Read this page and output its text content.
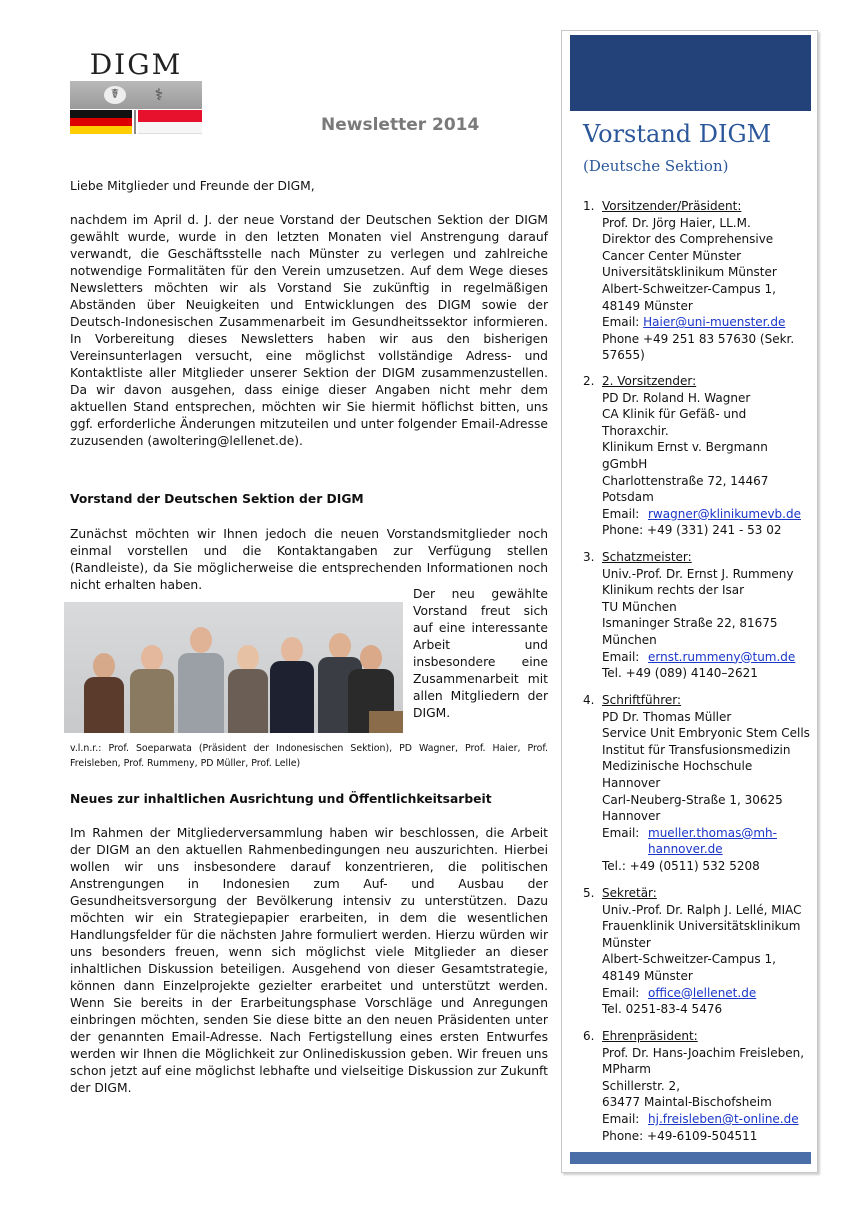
DIGM
☤	⚕
Newsletter 2014

Liebe Mitglieder und Freunde der DIGM,

nachdem im April d. J. der neue Vorstand der Deutschen Sektion der DIGM gewählt wurde, wurde in den letzten Monaten viel Anstrengung darauf verwandt, die Geschäftsstelle nach Münster zu verlegen und zahlreiche notwendige Formalitäten für den Verein umzusetzen. Auf dem Wege dieses Newsletters möchten wir als Vorstand Sie zukünftig in regelmäßigen Abständen über Neuigkeiten und Entwicklungen des DIGM sowie der Deutsch-Indonesischen Zusammenarbeit im Gesundheitssektor informieren. In Vorbereitung dieses Newsletters haben wir aus den bisherigen Vereinsunterlagen versucht, eine möglichst vollständige Adress- und Kontaktliste aller Mitglieder unserer Sektion der DIGM zusammenzustellen. Da wir davon ausgehen, dass einige dieser Angaben nicht mehr dem aktuellen Stand entsprechen, möchten wir Sie hiermit höflichst bitten, uns ggf. erforderliche Änderungen mitzuteilen und unter folgender Email-Adresse zuzusenden (awoltering@lellenet.de).

Vorstand der Deutschen Sektion der DIGM

Zunächst möchten wir Ihnen jedoch die neuen Vorstandsmitglieder noch einmal vorstellen und die Kontaktangaben zur Verfügung stellen (Randleiste), da Sie möglicherweise die entsprechenden Informationen noch nicht erhalten haben.

Der neu gewählte Vorstand freut sich auf eine interessante Arbeit und insbesondere eine Zusammenarbeit mit allen Mitgliedern der DIGM.

v.l.n.r.: Prof. Soeparwata (Präsident der Indonesischen Sektion), PD Wagner, Prof. Haier, Prof. Freisleben, Prof. Rummeny, PD Müller, Prof. Lelle)

Neues zur inhaltlichen Ausrichtung und Öffentlichkeitsarbeit

Im Rahmen der Mitgliederversammlung haben wir beschlossen, die Arbeit der DIGM an den aktuellen Rahmenbedingungen neu auszurichten. Hierbei wollen wir uns insbesondere darauf konzentrieren, die politischen Anstrengungen in Indonesien zum Auf- und Ausbau der Gesundheitsversorgung der Bevölkerung intensiv zu unterstützen. Dazu möchten wir ein Strategiepapier erarbeiten, in dem die wesentlichen Handlungsfelder für die nächsten Jahre formuliert werden. Hierzu würden wir uns besonders freuen, wenn sich möglichst viele Mitglieder an dieser inhaltlichen Diskussion beteiligen. Ausgehend von dieser Gesamtstrategie, können dann Einzelprojekte gezielter erarbeitet und unterstützt werden. Wenn Sie bereits in der Erarbeitungsphase Vorschläge und Anregungen einbringen möchten, senden Sie diese bitte an den neuen Präsidenten unter der genannten Email-Adresse. Nach Fertigstellung eines ersten Entwurfes werden wir Ihnen die Möglichkeit zur Onlinediskussion geben. Wir freuen uns schon jetzt auf eine möglichst lebhafte und vielseitige Diskussion zur Zukunft der DIGM.

Vorstand DIGM
(Deutsche Sektion)
1. Vorsitzender/Präsident:
Prof. Dr. Jörg Haier, LL.M.
Direktor des Comprehensive
Cancer Center Münster
Universitätsklinikum Münster
Albert-Schweitzer-Campus 1,
48149 Münster
Email: Haier@uni-muenster.de
Phone +49 251 83 57630 (Sekr. 57655)
2. 2. Vorsitzender:
PD Dr. Roland H. Wagner
CA Klinik für Gefäß- und
Thoraxchir.
Klinikum Ernst v. Bergmann
gGmbH
Charlottenstraße 72, 14467
Potsdam
Email: rwagner@klinikumevb.de
Phone: +49 (331) 241 - 53 02
3. Schatzmeister:
Univ.-Prof. Dr. Ernst J. Rummeny
Klinikum rechts der Isar
TU München
Ismaninger Straße 22, 81675
München
Email: ernst.rummeny@tum.de
Tel. +49 (089) 4140–2621
4. Schriftführer:
PD Dr. Thomas Müller
Service Unit Embryonic Stem Cells
Institut für Transfusionsmedizin
Medizinische Hochschule
Hannover
Carl-Neuberg-Straße 1, 30625
Hannover
Email: mueller.thomas@mh-hannover.de
Tel.: +49 (0511) 532 5208
5. Sekretär:
Univ.-Prof. Dr. Ralph J. Lellé, MIAC
Frauenklinik Universitätsklinikum
Münster
Albert-Schweitzer-Campus 1,
48149 Münster
Email: office@lellenet.de
Tel. 0251-83-4 5476
6. Ehrenpräsident:
Prof. Dr. Hans-Joachim Freisleben,
MPharm
Schillerstr. 2,
63477 Maintal-Bischofsheim
Email: hj.freisleben@t-online.de
Phone: +49-6109-504511
